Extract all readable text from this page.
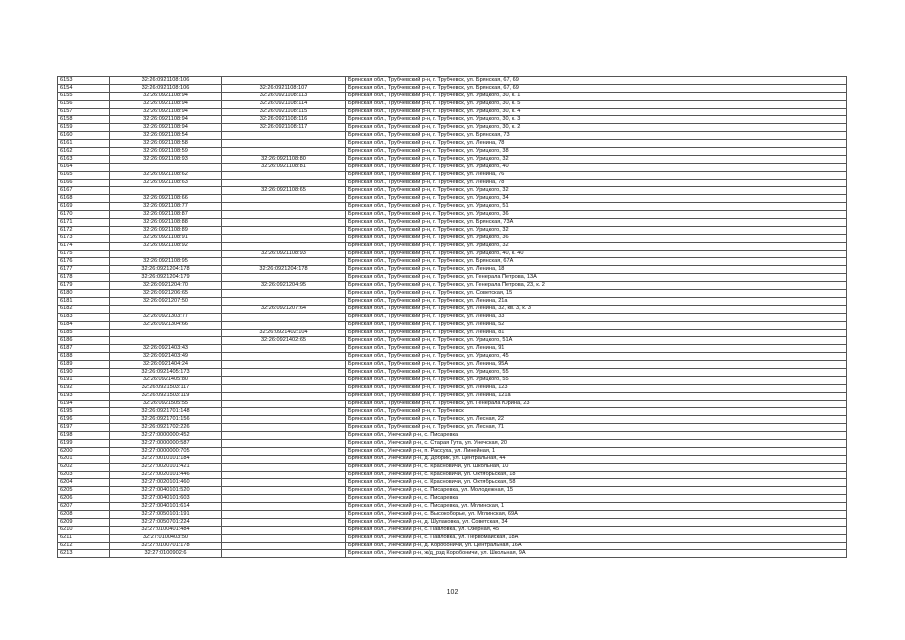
6153	32:26:0921108:106		Брянская обл., Трубчевский р-н, г. Трубчевск, ул. Брянская, 67, 69
6154	32:26:0921108:106	32:26:0921108:107	Брянская обл., Трубчевский р-н, г. Трубчевск, ул. Брянская, 67, 69
6155	32:26:0921108:94	32:26:0921108:113	Брянская обл., Трубчевский р-н, г. Трубчевск, ул. Урицкого, 30, к. 1
6156	32:26:0921108:94	32:26:0921108:114	Брянская обл., Трубчевский р-н, г. Трубчевск, ул. Урицкого, 30, к. 5
6157	32:26:0921108:94	32:26:0921108:115	Брянская обл., Трубчевский р-н, г. Трубчевск, ул. Урицкого, 30, к. 4
6158	32:26:0921108:94	32:26:0921108:116	Брянская обл., Трубчевский р-н, г. Трубчевск, ул. Урицкого, 30, к. 3
6159	32:26:0921108:94	32:26:0921108:117	Брянская обл., Трубчевский р-н, г. Трубчевск, ул. Урицкого, 30, к. 2
6160	32:26:0921108:54		Брянская обл., Трубчевский р-н, г. Трубчевск, ул. Брянская, 73
6161	32:26:0921108:58		Брянская обл., Трубчевский р-н, г. Трубчевск, ул. Ленина, 78
6162	32:26:0921108:59		Брянская обл., Трубчевский р-н, г. Трубчевск, ул. Урицкого, 38
6163	32:26:0921108:93	32:26:0921108:80	Брянская обл., Трубчевский р-н, г. Трубчевск, ул. Урицкого, 32
6164		32:26:0921108:81	Брянская обл., Трубчевский р-н, г. Трубчевск, ул. Урицкого, 40
6165	32:26:0921108:62		Брянская обл., Трубчевский р-н, г. Трубчевск, ул. Ленина, 76
6166	32:26:0921108:63		Брянская обл., Трубчевский р-н, г. Трубчевск, ул. Ленина, 78
6167		32:26:0921108:65	Брянская обл., Трубчевский р-н, г. Трубчевск, ул. Урицкого, 32
6168	32:26:0921108:66		Брянская обл., Трубчевский р-н, г. Трубчевск, ул. Урицкого, 34
6169	32:26:0921108:77		Брянская обл., Трубчевский р-н, г. Трубчевск, ул. Урицкого, 51
6170	32:26:0921108:87		Брянская обл., Трубчевский р-н, г. Трубчевск, ул. Урицкого, 36
6171	32:26:0921108:88		Брянская обл., Трубчевский р-н, г. Трубчевск, ул. Брянская, 73А
6172	32:26:0921108:89		Брянская обл., Трубчевский р-н, г. Трубчевск, ул. Урицкого, 32
6173	32:26:0921108:91		Брянская обл., Трубчевский р-н, г. Трубчевск, ул. Урицкого, 36
6174	32:26:0921108:92		Брянская обл., Трубчевский р-н, г. Трубчевск, ул. Урицкого, 32
6175		32:26:0921108:93	Брянская обл., Трубчевский р-н, г. Трубчевск, ул. Урицкого, 40, к. 40
6176	32:26:0921108:95		Брянская обл., Трубчевский р-н, г. Трубчевск, ул. Брянская, 67А
6177	32:26:0921204:178	32:26:0921204:178	Брянская обл., Трубчевский р-н, г. Трубчевск, ул. Ленина, 18
6178	32:26:0921204:179		Брянская обл., Трубчевский р-н, г. Трубчевск, ул. Генерала Петрова, 13А
6179	32:26:0921204:70	32:26:0921204:95	Брянская обл., Трубчевский р-н, г. Трубчевск, ул. Генерала Петрова, 23, к. 2
6180	32:26:0921206:65		Брянская обл., Трубчевский р-н, г. Трубчевск, ул. Советская, 15
6181	32:26:0921207:50		Брянская обл., Трубчевский р-н, г. Трубчевск, ул. Ленина, 21а
6182		32:26:0921207:64	Брянская обл., Трубчевский р-н, г. Трубчевск, ул. Ленина, 32, кв. 3, к. 3
6183	32:26:0921303:77		Брянская обл., Трубчевский р-н, г. Трубчевск, ул. Ленина, 33
6184	32:26:0921304:66		Брянская обл., Трубчевский р-н, г. Трубчевск, ул. Ленина, 52
6185		32:26:0921402:104	Брянская обл., Трубчевский р-н, г. Трубчевск, ул. Ленина, 81
6186		32:26:0921402:65	Брянская обл., Трубчевский р-н, г. Трубчевск, ул. Урицкого, 51А
6187	32:26:0921403:43		Брянская обл., Трубчевский р-н, г. Трубчевск, ул. Ленина, 91
6188	32:26:0921403:49		Брянская обл., Трубчевский р-н, г. Трубчевск, ул. Урицкого, 45
6189	32:26:0921404:24		Брянская обл., Трубчевский р-н, г. Трубчевск, ул. Ленина, 95А
6190	32:26:0921405:173		Брянская обл., Трубчевский р-н, г. Трубчевск, ул. Урицкого, 55
6191	32:26:0921405:80		Брянская обл., Трубчевский р-н, г. Трубчевск, ул. Урицкого, 55
6192	32:26:0921503:117		Брянская обл., Трубчевский р-н, г. Трубчевск, ул. Ленина, 123
6193	32:26:0921503:119		Брянская обл., Трубчевский р-н, г. Трубчевск, ул. Ленина, 121а
6194	32:26:0921505:55		Брянская обл., Трубчевский р-н, г. Трубчевск, ул. Генерала Юрина, 23
6195	32:26:0921701:148		Брянская обл., Трубчевский р-н, г. Трубчевск
6196	32:26:0921701:156		Брянская обл., Трубчевский р-н, г. Трубчевск, ул. Лесная, 22
6197	32:26:0921702:226		Брянская обл., Трубчевский р-н, г. Трубчевск, ул. Лесная, 71
6198	32:27:0000000:452		Брянская обл., Унечский р-н, с. Писаревка
6199	32:27:0000000:587		Брянская обл., Унечский р-н, с. Старая Гута, ул. Унечская, 20
6200	32:27:0000000:705		Брянская обл., Унечский р-н, п. Рассуха, ул. Линейная, 1
6201	32:27:0010101:184		Брянская обл., Унечский р-н, д. Добрик, ул. Центральная, 44
6202	32:27:0020101:421		Брянская обл., Унечский р-н, с. Красновичи, ул. Школьная, 10
6203	32:27:0020101:446		Брянская обл., Унечский р-н, с. Красновичи, ул. Октябрьская, 18
6204	32:27:0020101:460		Брянская обл., Унечский р-н, с. Красновичи, ул. Октябрьская, 58
6205	32:27:0040101:520		Брянская обл., Унечский р-н, с. Писаревка, ул. Молодежная, 15
6206	32:27:0040101:603		Брянская обл., Унечский р-н, с. Писаревка
6207	32:27:0040101:614		Брянская обл., Унечский р-н, с. Писаревка, ул. Мглинская, 1
6208	32:27:0050101:191		Брянская обл., Унечский р-н, с. Высокоборье, ул. Мглинская, 69А
6209	32:27:0050701:224		Брянская обл., Унечский р-н, д. Шулаковка, ул. Советская, 34
6210	32:27:0100401:484		Брянская обл., Унечский р-н, с. Павловка, ул. Озерная, 45
6211	32:27:0100403:50		Брянская обл., Унечский р-н, с. Павловка, ул. Первомайская, 18А
6212	32:27:0100701:178		Брянская обл., Унечский р-н, д. Коробоничи, ул. Центральная, 16А
6213	32:27:0100902:6		Брянская обл., Унечский р-н, ж/д_рзд Коробоничи, ул. Школьная, 9А
102
